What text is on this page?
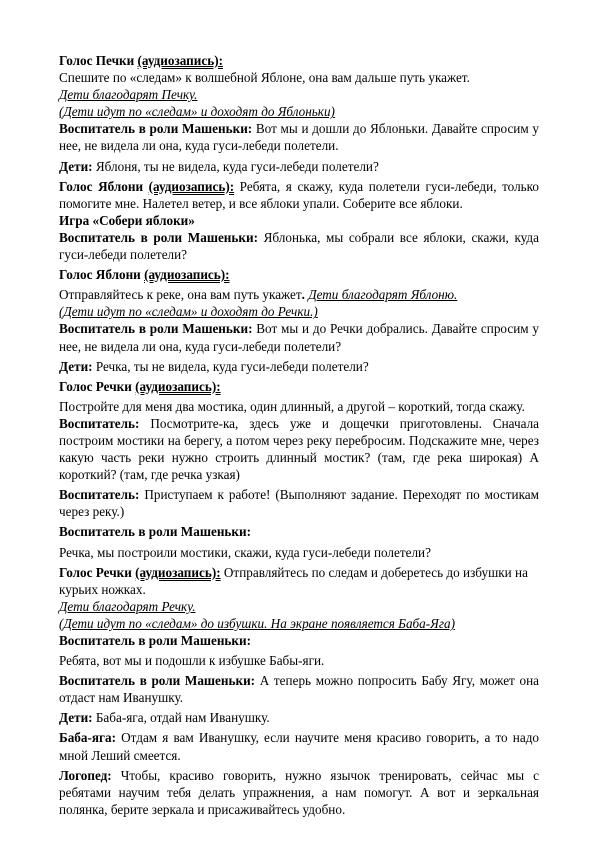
Голос Печки (аудиозапись):

Спешите по «следам» к волшебной Яблоне, она вам дальше путь укажет.

Дети благодарят Печку.

(Дети идут по «следам» и доходят до Яблоньки)

Воспитатель в роли Машеньки: Вот мы и дошли до Яблоньки. Давайте спросим у нее, не видела ли она, куда гуси-лебеди полетели.

Дети: Яблоня, ты не видела, куда гуси-лебеди полетели?

Голос Яблони (аудиозапись): Ребята, я скажу, куда полетели гуси-лебеди, только помогите мне. Налетел ветер, и все яблоки упали. Соберите все яблоки.

Игра «Собери яблоки»

Воспитатель в роли Машеньки: Яблонька, мы собрали все яблоки, скажи, куда гуси-лебеди полетели?

Голос Яблони (аудиозапись):

Отправляйтесь к реке, она вам путь укажет. Дети благодарят Яблоню.

(Дети идут по «следам» и доходят до Речки.)

Воспитатель в роли Машеньки: Вот мы и до Речки добрались. Давайте спросим у нее, не видела ли она, куда гуси-лебеди полетели?

Дети: Речка, ты не видела, куда гуси-лебеди полетели?

Голос Речки (аудиозапись):

Постройте для меня два мостика, один длинный, а другой – короткий, тогда скажу.

Воспитатель: Посмотрите-ка, здесь уже и дощечки приготовлены. Сначала построим мостики на берегу, а потом через реку перебросим. Подскажите мне, через какую часть реки нужно строить длинный мостик? (там, где река широкая) А короткий? (там, где речка узкая)

Воспитатель: Приступаем к работе! (Выполняют задание. Переходят по мостикам через реку.)

Воспитатель в роли Машеньки:

Речка, мы построили мостики, скажи, куда гуси-лебеди полетели?

Голос Речки (аудиозапись): Отправляйтесь по следам и доберетесь до избушки на курьих ножках.

Дети благодарят Речку.

(Дети идут по «следам» до избушки. На экране появляется Баба-Яга)

Воспитатель в роли Машеньки:

Ребята, вот мы и подошли к избушке Бабы-яги.

Воспитатель в роли Машеньки: А теперь можно попросить Бабу Ягу, может она отдаст нам Иванушку.

Дети: Баба-яга, отдай нам Иванушку.

Баба-яга: Отдам я вам Иванушку, если научите меня красиво говорить, а то надо мной Леший смеется.

Логопед: Чтобы, красиво говорить, нужно язычок тренировать, сейчас мы с ребятами научим тебя делать упражнения, а нам помогут. А вот и зеркальная полянка, берите зеркала и присаживайтесь удобно.
